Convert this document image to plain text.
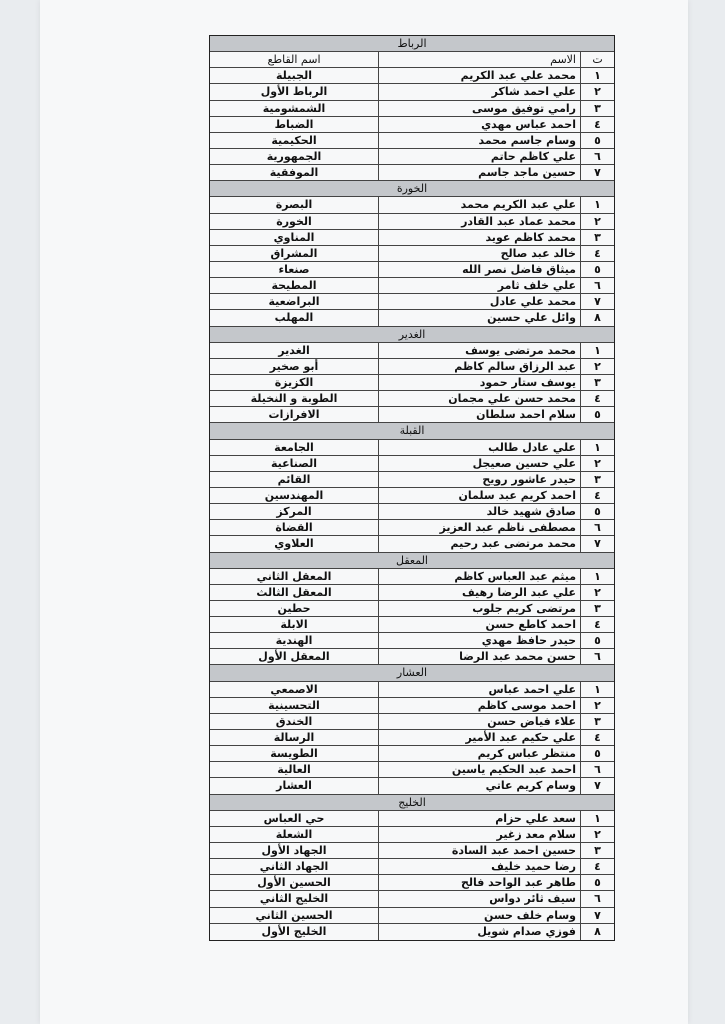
الرباط
ت
الاسم
اسم القاطع
١
محمد علي عبد الكريم
الجبيلة
٢
علي احمد شاكر
الرباط الأول
٣
رامي توفيق موسى
الشمشومية
٤
احمد عباس مهدي
الضباط
٥
وسام جاسم محمد
الحكيمية
٦
علي كاظم حاتم
الجمهورية
٧
حسين ماجد جاسم
الموفقية
الخورة
١
علي عبد الكريم محمد
البصرة
٢
محمد عماد عبد القادر
الخورة
٣
محمد كاظم عويد
المناوي
٤
خالد عبد صالح
المشراق
٥
ميثاق فاضل نصر الله
صنعاء
٦
علي خلف ثامر
المطيحة
٧
محمد علي عادل
البراضعية
٨
وائل علي حسين
المهلب
الغدير
١
محمد مرتضى يوسف
الغدير
٢
عبد الرزاق سالم كاظم
أبو صخير
٣
يوسف ستار حمود
الكزيزة
٤
محمد حسن علي مجمان
الطوبة و النخيلة
٥
سلام احمد سلطان
الافرازات
القبلة
١
علي عادل طالب
الجامعة
٢
علي حسين صعيجل
الصناعية
٣
حيدر عاشور رويح
القائم
٤
احمد كريم عبد سلمان
المهندسين
٥
صادق شهيد خالد
المركز
٦
مصطفى ناظم عبد العزيز
القضاة
٧
محمد مرتضى عبد رحيم
العلاوي
المعقل
١
ميثم عبد العباس كاظم
المعقل الثاني
٢
علي عبد الرضا رهيف
المعقل الثالث
٣
مرتضى كريم جلوب
حطين
٤
احمد كاطع حسن
الابلة
٥
حيدر حافظ مهدي
الهندية
٦
حسن محمد عبد الرضا
المعقل الأول
العشار
١
علي احمد عباس
الاصمعي
٢
احمد موسى كاظم
التحسينية
٣
علاء فياض حسن
الخندق
٤
علي حكيم عبد الأمير
الرسالة
٥
منتظر عباس كريم
الطويسة
٦
احمد عبد الحكيم ياسين
العالية
٧
وسام كريم عاتي
العشار
الخليج
١
سعد علي حزام
حي العباس
٢
سلام معد زغير
الشعلة
٣
حسين احمد عبد السادة
الجهاد الأول
٤
رضا حميد خليف
الجهاد الثاني
٥
طاهر عبد الواحد فالح
الحسين الأول
٦
سيف ثائر دواس
الخليج الثاني
٧
وسام خلف حسن
الحسين الثاني
٨
فوزي صدام شويل
الخليج الأول
